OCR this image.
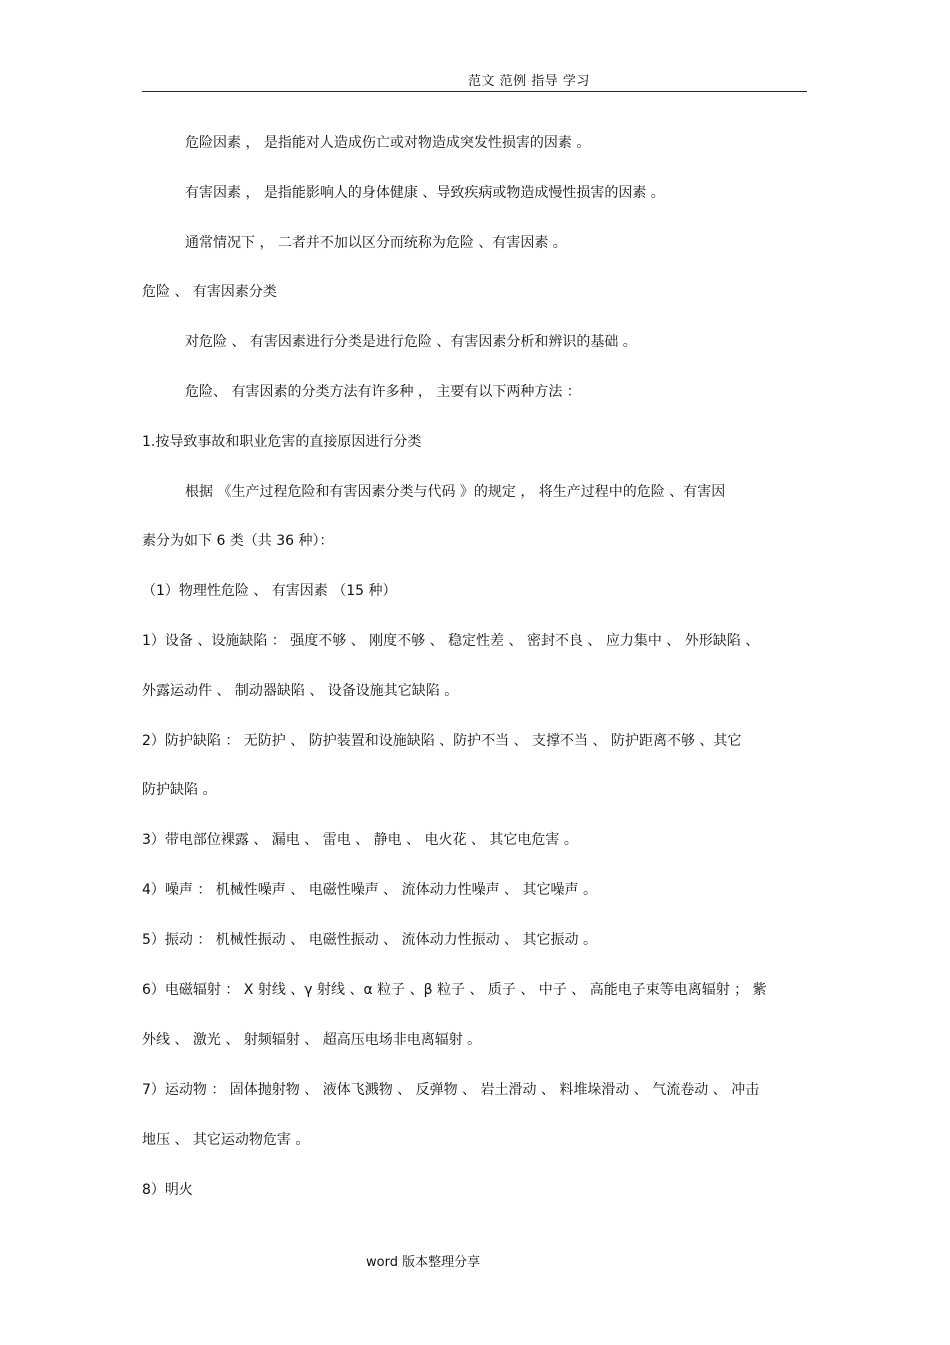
范文 范例 指导 学习
危险因素 ， 是指能对人造成伤亡或对物造成突发性损害的因素 。
有害因素 ， 是指能影响人的身体健康 、导致疾病或物造成慢性损害的因素 。
通常情况下 ， 二者并不加以区分而统称为危险 、有害因素 。
危险 、 有害因素分类
对危险 、 有害因素进行分类是进行危险 、有害因素分析和辨识的基础 。
危险、 有害因素的分类方法有许多种 ， 主要有以下两种方法 ：
1.按导致事故和职业危害的直接原因进行分类
根据 《生产过程危险和有害因素分类与代码 》的规定 ， 将生产过程中的危险 、有害因
素分为如下 6 类（共 36 种）：
（1）物理性危险 、 有害因素 （15 种）
1）设备 、设施缺陷 ： 强度不够 、 刚度不够 、 稳定性差 、 密封不良 、 应力集中 、 外形缺陷 、
外露运动件 、 制动器缺陷 、 设备设施其它缺陷 。
2）防护缺陷 ： 无防护 、 防护装置和设施缺陷 、防护不当 、 支撑不当 、 防护距离不够 、其它
防护缺陷 。
3）带电部位裸露 、 漏电 、 雷电 、 静电 、 电火花 、 其它电危害 。
4）噪声 ： 机械性噪声 、 电磁性噪声 、 流体动力性噪声 、 其它噪声 。
5）振动 ： 机械性振动 、 电磁性振动 、 流体动力性振动 、 其它振动 。
6）电磁辐射 ： X 射线 、γ 射线 、α 粒子 、β 粒子 、 质子 、 中子 、 高能电子束等电离辐射 ； 紫
外线 、 激光 、 射频辐射 、 超高压电场非电离辐射 。
7）运动物 ： 固体抛射物 、 液体飞溅物 、 反弹物 、 岩土滑动 、 料堆垛滑动 、 气流卷动 、 冲击
地压 、 其它运动物危害 。
8）明火
word 版本整理分享
